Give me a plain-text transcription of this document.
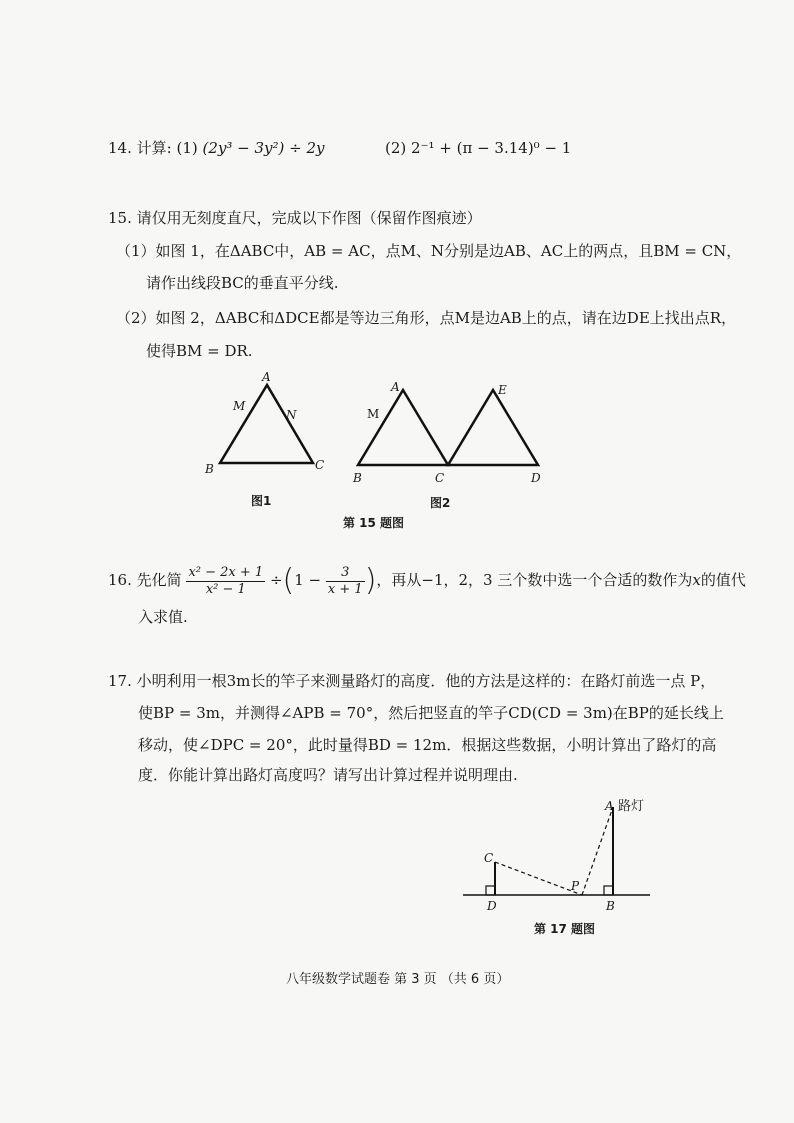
14. 计算: (1) (2y³ − 3y²) ÷ 2y	(2) 2⁻¹ + (π − 3.14)⁰ − 1
15. 请仅用无刻度直尺，完成以下作图（保留作图痕迹）
（1）如图 1，在ΔABC中，AB = AC，点M、N分别是边AB、AC上的两点，且BM = CN，
请作出线段BC的垂直平分线.
（2）如图 2，ΔABC和ΔDCE都是等边三角形，点M是边AB上的点，请在边DE上找出点R，
使得BM = DR.
A
M
N
B	C
图1
A
M
E
B	C	D
图2
第 15 题图
16. 先化简 $\frac{\text{x² − 2x + 1}}{\text{x² − 1}} \div(1 - \frac{3}{x + 1}$ )，再从−1，2，3 三个数中选一个合适的数作为x的值代
入求值.
17. 小明利用一根3m长的竿子来测量路灯的高度．他的方法是这样的：在路灯前选一点 P，
使BP = 3m，并测得∠APB = 70°，然后把竖直的竿子CD(CD = 3m)在BP的延长线上
移动，使∠DPC = 20°，此时量得BD = 12m．根据这些数据，小明计算出了路灯的高
度．你能计算出路灯高度吗？请写出计算过程并说明理由.
A 路灯
C
D
P
B
第 17 题图
八年级数学试题卷 第 3 页 （共 6 页）
